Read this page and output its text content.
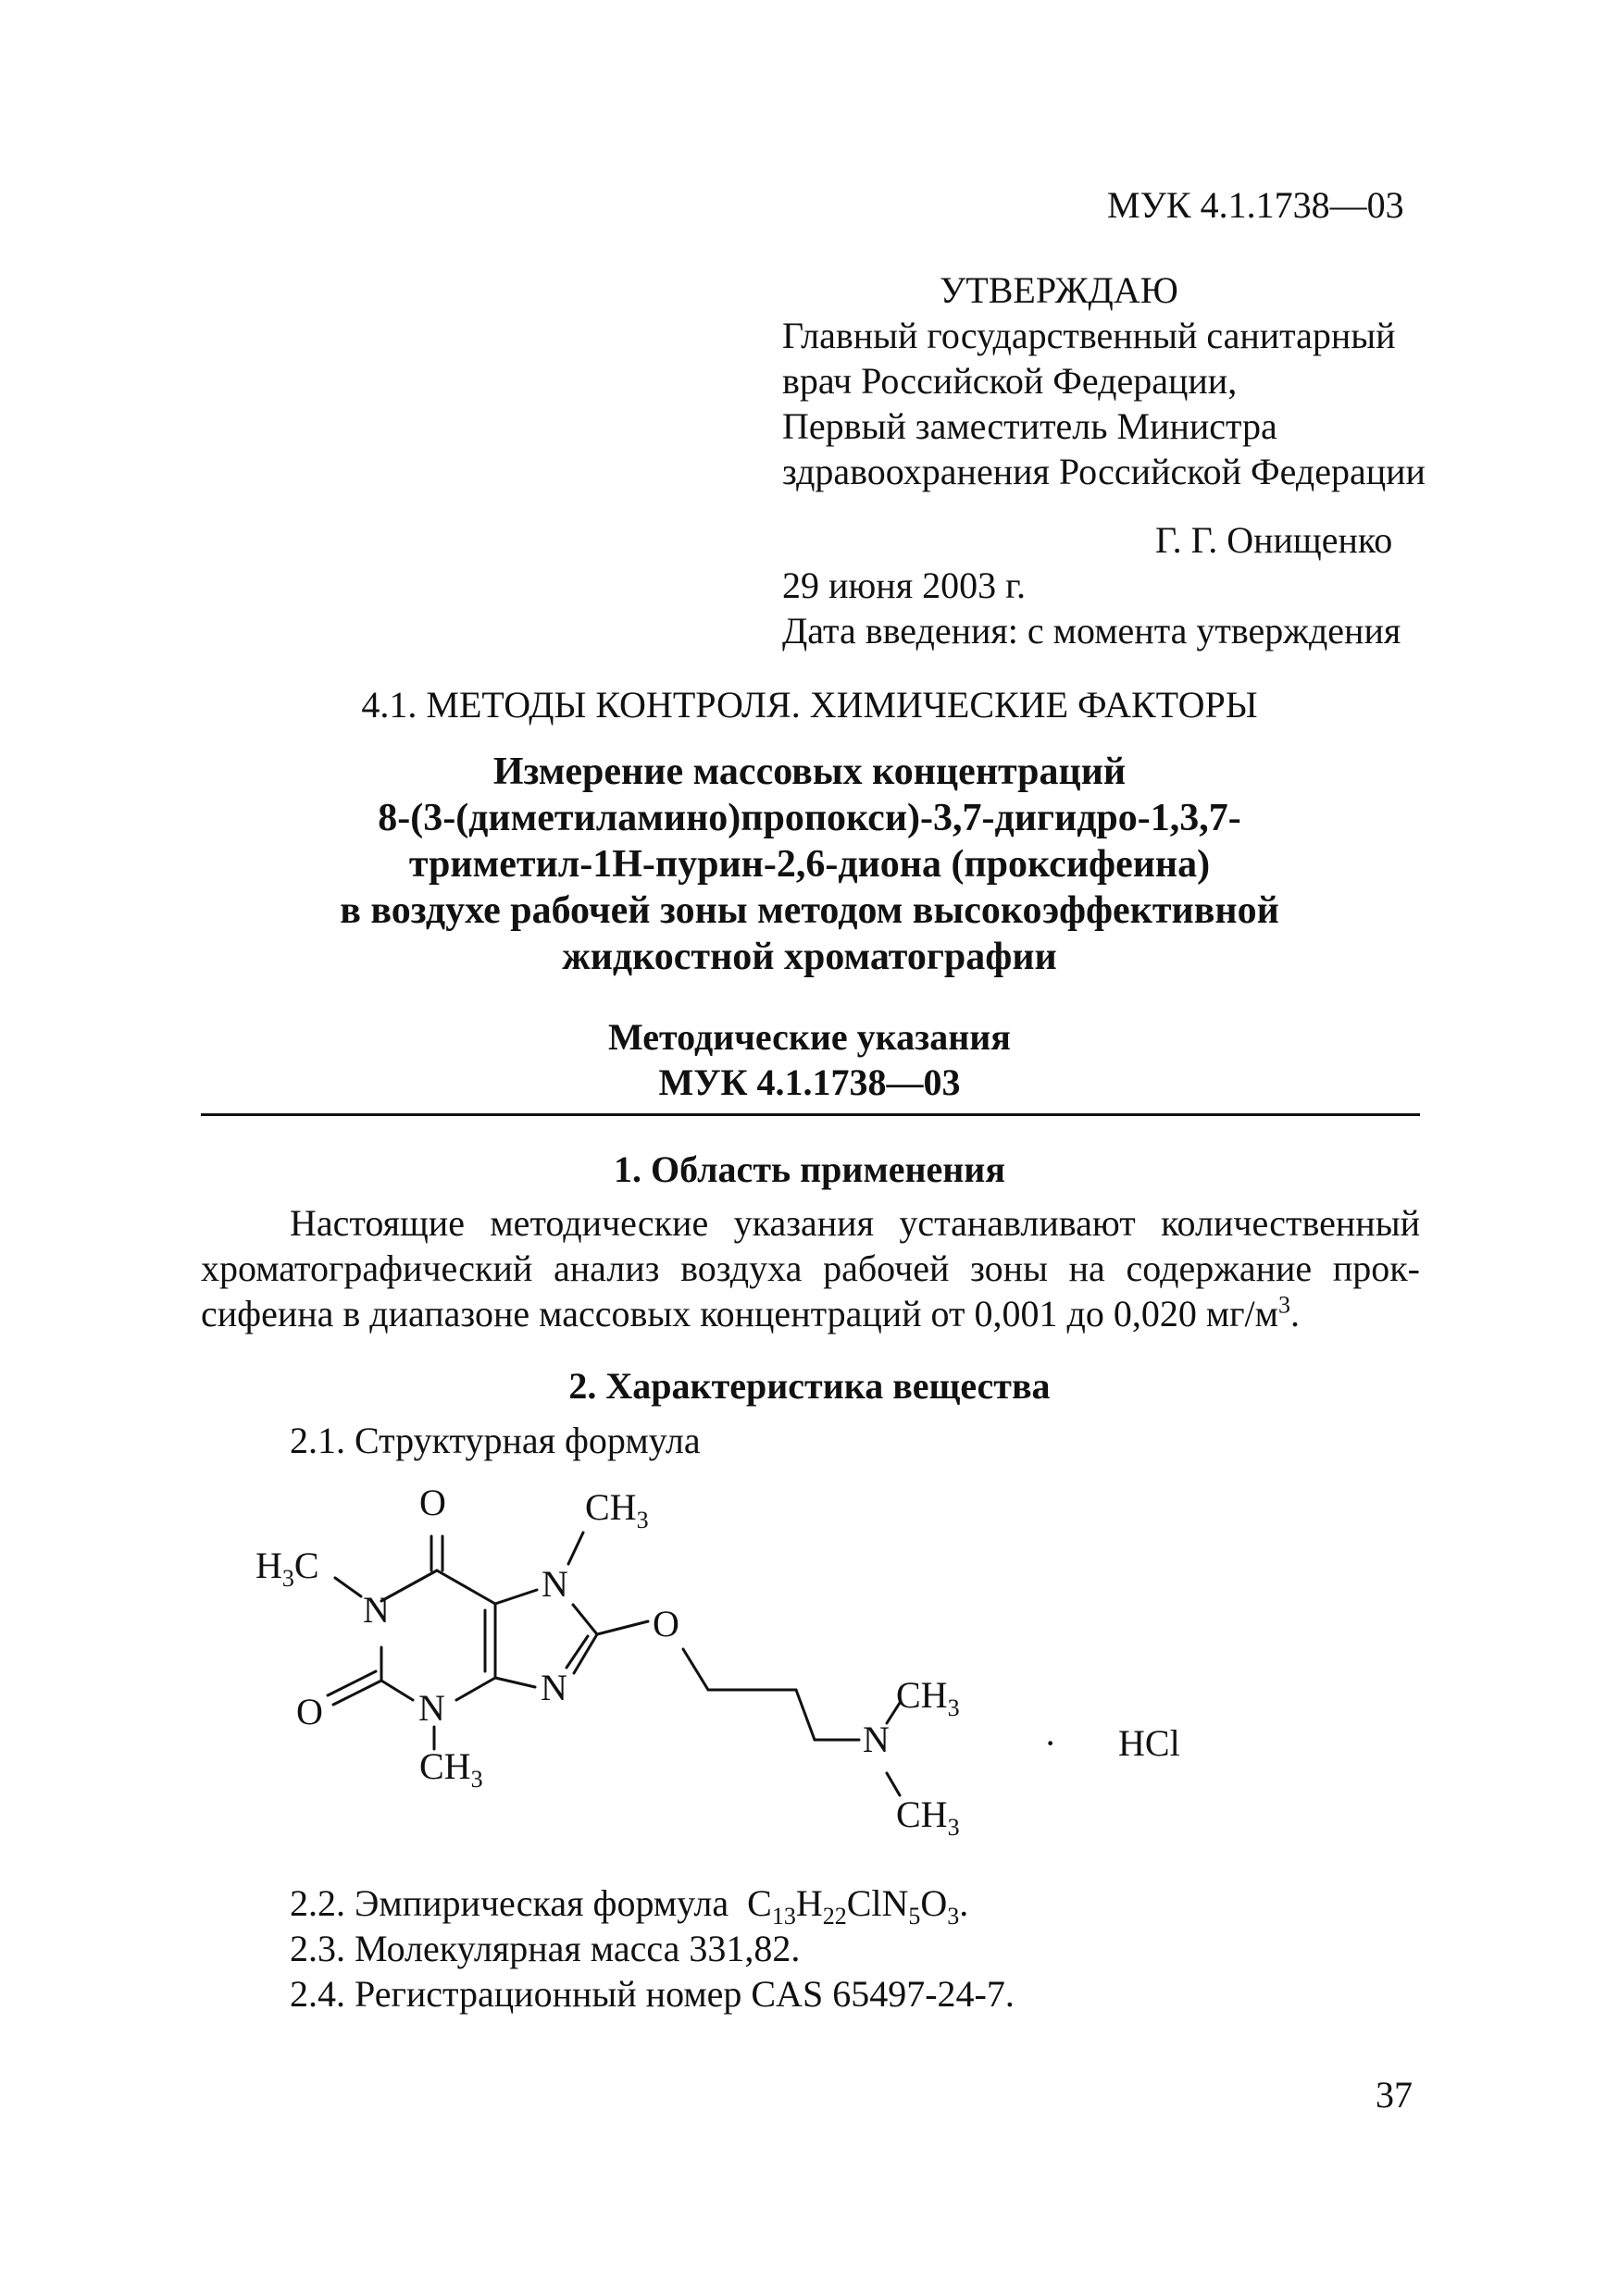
МУК 4.1.1738—03
УТВЕРЖДАЮ
Главный государственный санитарный
врач Российской Федерации,
Первый заместитель Министра
здравоохранения Российской Федерации
Г. Г. Онищенко
29 июня 2003 г.
Дата введения: с момента утверждения
4.1. МЕТОДЫ КОНТРОЛЯ. ХИМИЧЕСКИЕ ФАКТОРЫ
Измерение массовых концентраций
8-(3-(диметиламино)пропокси)-3,7-дигидро-1,3,7-
триметил-1Н-пурин-2,6-диона (проксифеина)
в воздухе рабочей зоны методом высокоэффективной
жидкостной хроматографии
Методические указания
МУК 4.1.1738—03
1. Область применения
Настоящие методические указания устанавливают количественный
хроматографический анализ воздуха рабочей зоны на содержание прок-
сифеина в диапазоне массовых концентраций от 0,001 до 0,020 $мг/м^3$.
2. Характеристика вещества
2.1. Структурная формула
O	$CH_3$
$H_3C$
N
N
O
O	N	N
$CH_3$
$CH_3$
N
$CH_3$
· HCl
2.2. Эмпирическая формула $C_{13}H_{22}ClN_5O_3$.
2.3. Молекулярная масса 331,82.
2.4. Регистрационный номер CAS 65497-24-7.
37
